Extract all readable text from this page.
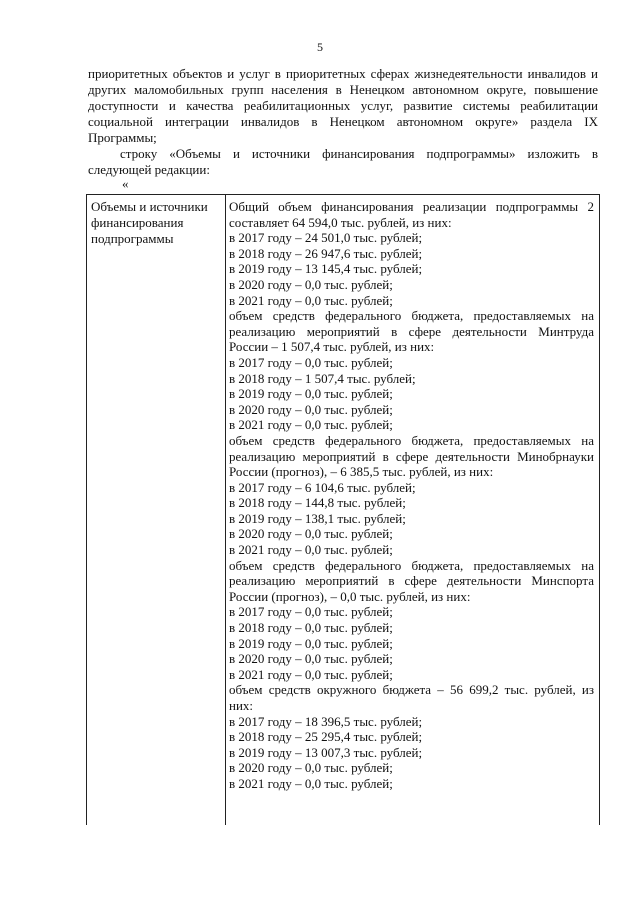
5

приоритетных объектов и услуг в приоритетных сферах жизнедеятельности инвалидов и других маломобильных групп населения в Ненецком автономном округе, повышение доступности и качества реабилитационных услуг, развитие системы реабилитации социальной интеграции инвалидов в Ненецком автономном округе» раздела IX Программы;

строку «Объемы и источники финансирования подпрограммы» изложить в следующей редакции:

«
Объемы и источники финансирования подпрограммы
Общий объем финансирования реализации подпрограммы 2 составляет 64 594,0 тыс. рублей, из них:
в 2017 году – 24 501,0 тыс. рублей;
в 2018 году – 26 947,6 тыс. рублей;
в 2019 году – 13 145,4 тыс. рублей;
в 2020 году – 0,0 тыс. рублей;
в 2021 году – 0,0 тыс. рублей;
объем средств федерального бюджета, предоставляемых на реализацию мероприятий в сфере деятельности Минтруда России – 1 507,4 тыс. рублей, из них:
в 2017 году – 0,0 тыс. рублей;
в 2018 году – 1 507,4 тыс. рублей;
в 2019 году – 0,0 тыс. рублей;
в 2020 году – 0,0 тыс. рублей;
в 2021 году – 0,0 тыс. рублей;
объем средств федерального бюджета, предоставляемых на реализацию мероприятий в сфере деятельности Минобрнауки России (прогноз), – 6 385,5 тыс. рублей, из них:
в 2017 году – 6 104,6 тыс. рублей;
в 2018 году – 144,8 тыс. рублей;
в 2019 году – 138,1 тыс. рублей;
в 2020 году – 0,0 тыс. рублей;
в 2021 году – 0,0 тыс. рублей;
объем средств федерального бюджета, предоставляемых на реализацию мероприятий в сфере деятельности Минспорта России (прогноз), – 0,0 тыс. рублей, из них:
в 2017 году – 0,0 тыс. рублей;
в 2018 году – 0,0 тыс. рублей;
в 2019 году – 0,0 тыс. рублей;
в 2020 году – 0,0 тыс. рублей;
в 2021 году – 0,0 тыс. рублей;
объем средств окружного бюджета – 56 699,2 тыс. рублей, из них:
в 2017 году – 18 396,5 тыс. рублей;
в 2018 году – 25 295,4 тыс. рублей;
в 2019 году – 13 007,3 тыс. рублей;
в 2020 году – 0,0 тыс. рублей;
в 2021 году – 0,0 тыс. рублей;
